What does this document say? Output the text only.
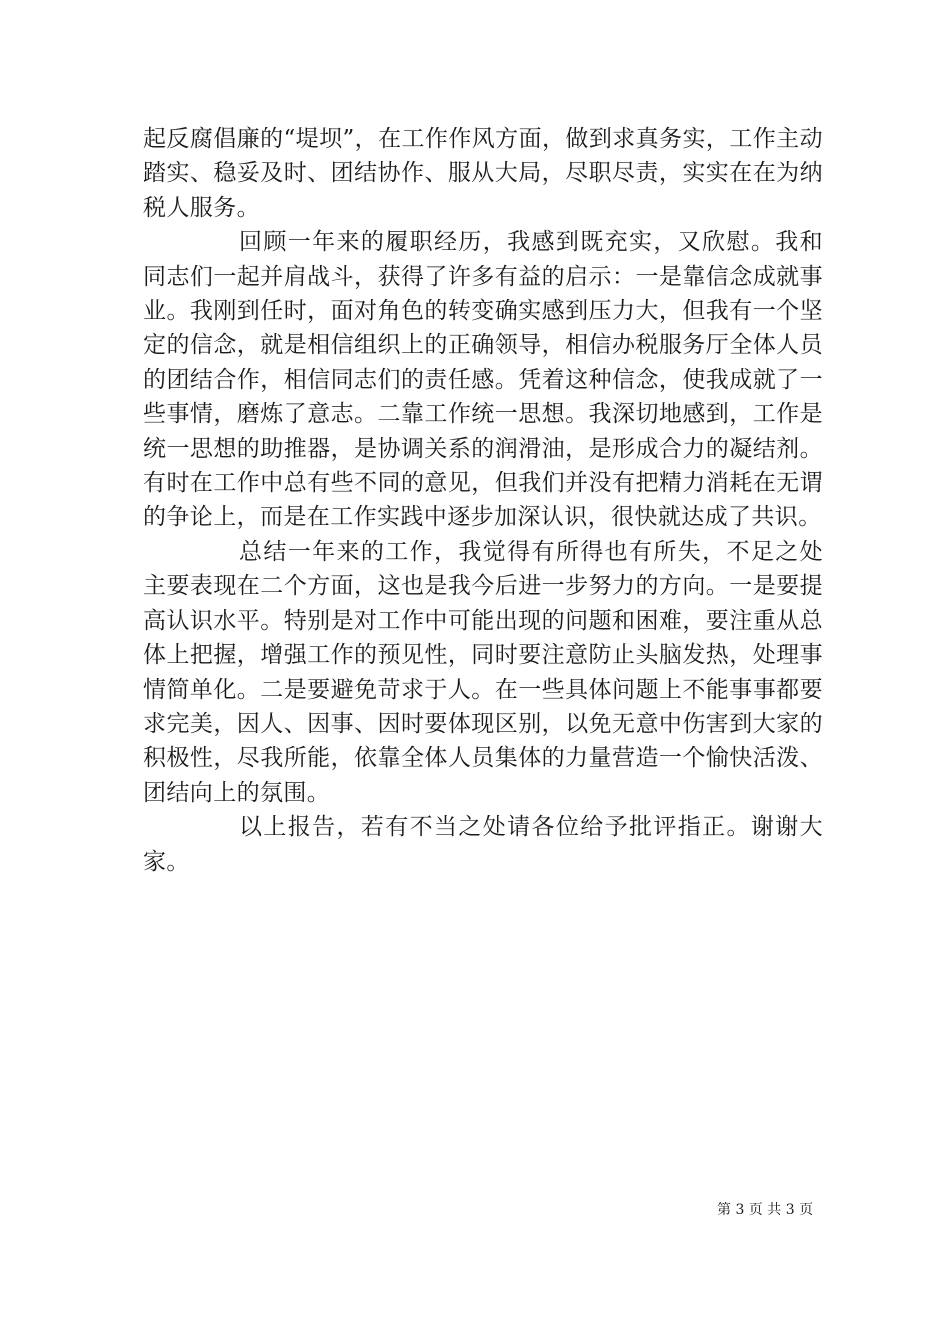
起反腐倡廉的“堤坝”，在工作作风方面，做到求真务实，工作主动踏实、稳妥及时、团结协作、服从大局，尽职尽责，实实在在为纳税人服务。

回顾一年来的履职经历，我感到既充实，又欣慰。我和同志们一起并肩战斗，获得了许多有益的启示：一是靠信念成就事业。我刚到任时，面对角色的转变确实感到压力大，但我有一个坚定的信念，就是相信组织上的正确领导，相信办税服务厅全体人员的团结合作，相信同志们的责任感。凭着这种信念，使我成就了一些事情，磨炼了意志。二靠工作统一思想。我深切地感到，工作是统一思想的助推器，是协调关系的润滑油，是形成合力的凝结剂。有时在工作中总有些不同的意见，但我们并没有把精力消耗在无谓的争论上，而是在工作实践中逐步加深认识，很快就达成了共识。

总结一年来的工作，我觉得有所得也有所失，不足之处主要表现在二个方面，这也是我今后进一步努力的方向。一是要提高认识水平。特别是对工作中可能出现的问题和困难，要注重从总体上把握，增强工作的预见性，同时要注意防止头脑发热，处理事情简单化。二是要避免苛求于人。在一些具体问题上不能事事都要求完美，因人、因事、因时要体现区别，以免无意中伤害到大家的积极性，尽我所能，依靠全体人员集体的力量营造一个愉快活泼、团结向上的氛围。

以上报告，若有不当之处请各位给予批评指正。谢谢大家。

第 3 页 共 3 页
